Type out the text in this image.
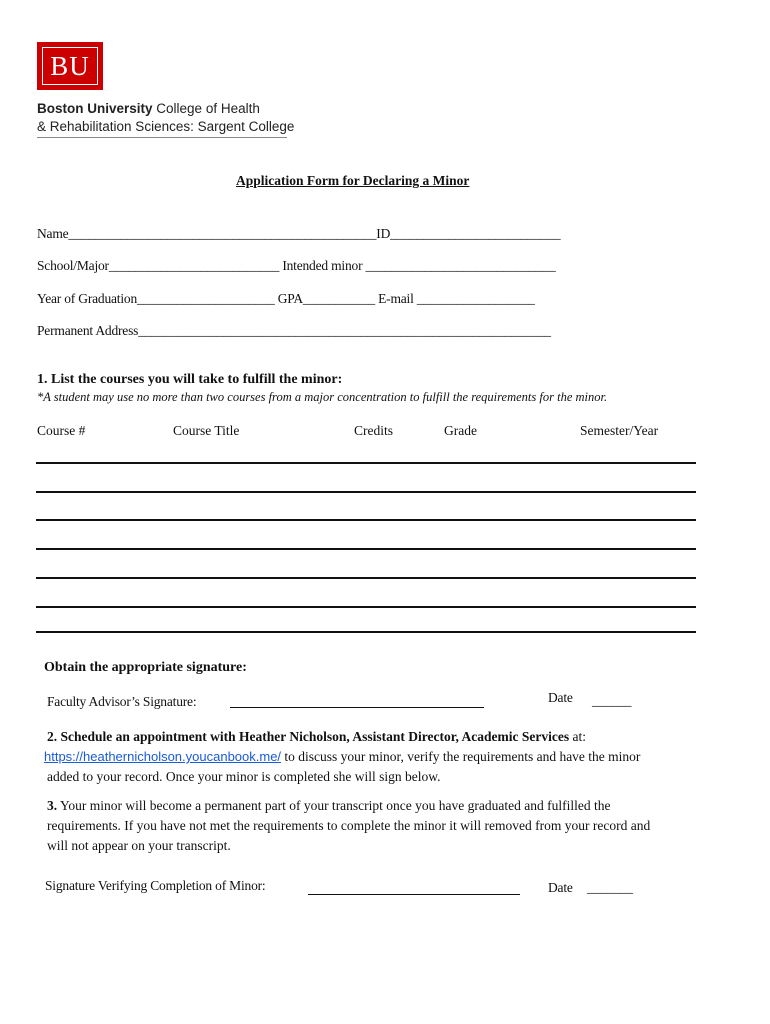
BU
Boston University College of Health
& Rehabilitation Sciences: Sargent College
Application Form for Declaring a Minor
Name_______________________________________________ID__________________________
School/Major__________________________ Intended minor _____________________________
Year of Graduation_____________________ GPA___________ E-mail __________________
Permanent Address_______________________________________________________________
1. List the courses you will take to fulfill the minor:
*A student may use no more than two courses from a major concentration to fulfill the requirements for the minor.
Course #	Course Title	Credits	Grade	Semester/Year
Obtain the appropriate signature:
Faculty Advisor’s Signature:	Date ______
2. Schedule an appointment with Heather Nicholson, Assistant Director, Academic Services at:
https://heathernicholson.youcanbook.me/ to discuss your minor, verify the requirements and have the minor
added to your record. Once your minor is completed she will sign below.
3. Your minor will become a permanent part of your transcript once you have graduated and fulfilled the
requirements. If you have not met the requirements to complete the minor it will removed from your record and
will not appear on your transcript.
Signature Verifying Completion of Minor:	Date _______
